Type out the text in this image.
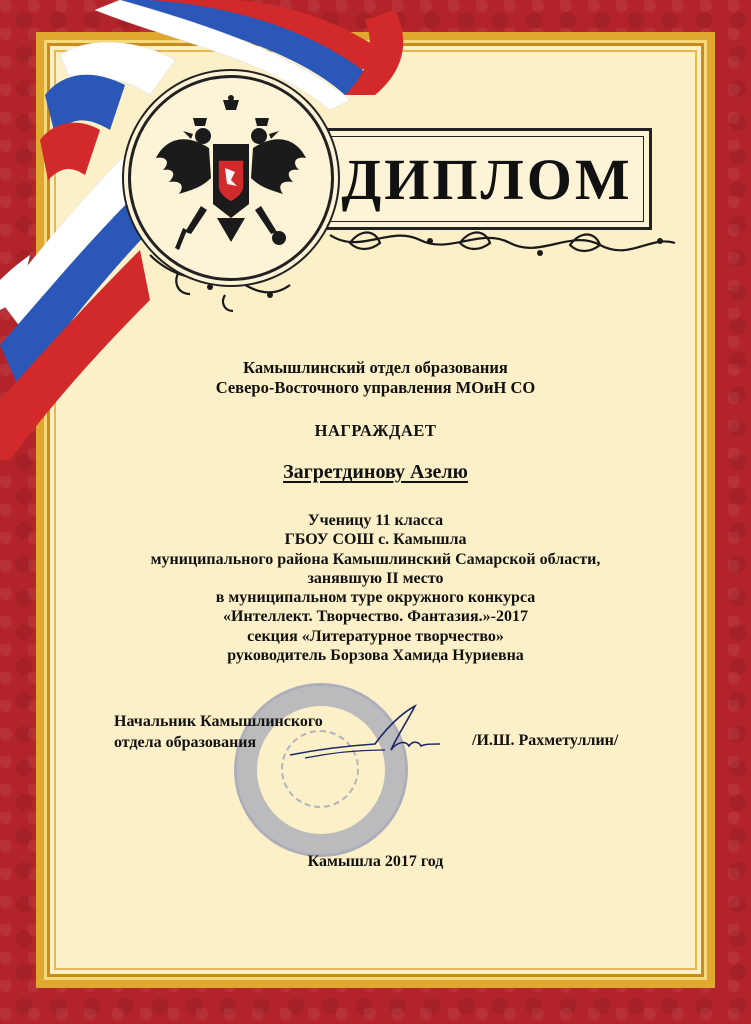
ДИПЛОМ
Камышлинский отдел образования
Северо-Восточного управления МОиН СО
НАГРАЖДАЕТ
Загретдинову Азелю
Ученицу 11 класса
ГБОУ СОШ с. Камышла
муниципального района Камышлинский Самарской области,
занявшую II место
в муниципальном туре окружного конкурса
«Интеллект. Творчество. Фантазия.»-2017
секция «Литературное творчество»
руководитель Борзова Хамида Нуриевна
Начальник Камышлинского
отдела образования	/И.Ш. Рахметуллин/
Камышла 2017 год
